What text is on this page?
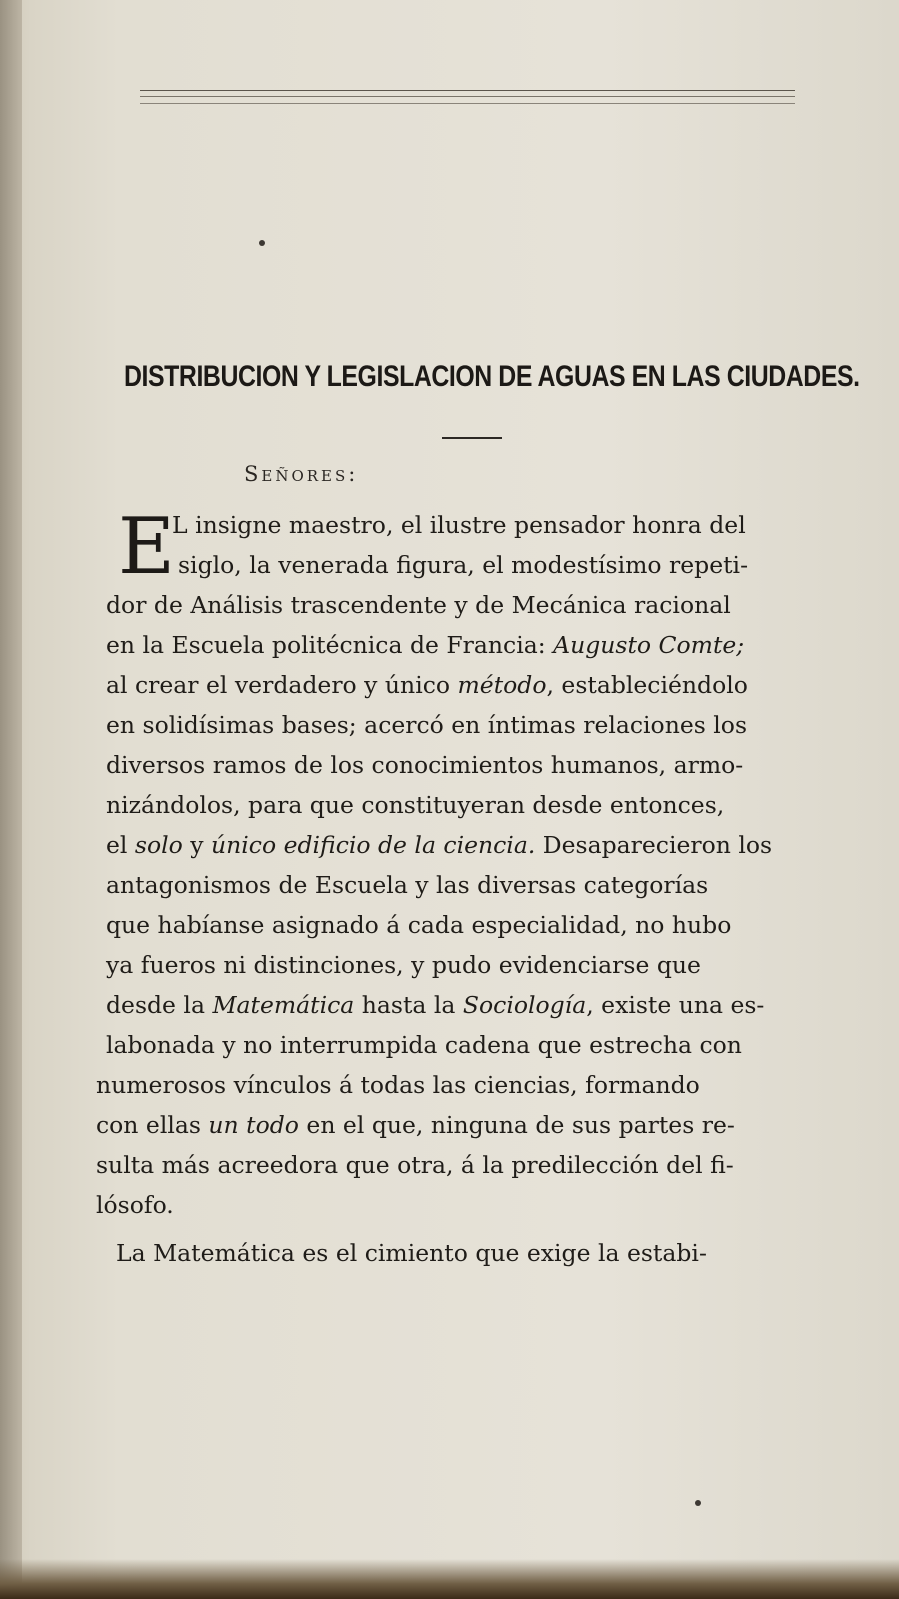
DISTRIBUCION Y LEGISLACION DE AGUAS EN LAS CIUDADES.
Señores:
E
L insigne maestro, el ilustre pensador honra del
siglo, la venerada figura, el modestísimo repeti-
dor de Análisis trascendente y de Mecánica racional
en la Escuela politécnica de Francia: Augusto Comte;
al crear el verdadero y único método, estableciéndolo
en solidísimas bases; acercó en íntimas relaciones los
diversos ramos de los conocimientos humanos, armo-
nizándolos, para que constituyeran desde entonces,
el solo y único edificio de la ciencia. Desaparecieron los
antagonismos de Escuela y las diversas categorías
que habíanse asignado á cada especialidad, no hubo
ya fueros ni distinciones, y pudo evidenciarse que
desde la Matemática hasta la Sociología, existe una es-
labonada y no interrumpida cadena que estrecha con
numerosos vínculos á todas las ciencias, formando
con ellas un todo en el que, ninguna de sus partes re-
sulta más acreedora que otra, á la predilección del fi-
lósofo.
La Matemática es el cimiento que exige la estabi-
